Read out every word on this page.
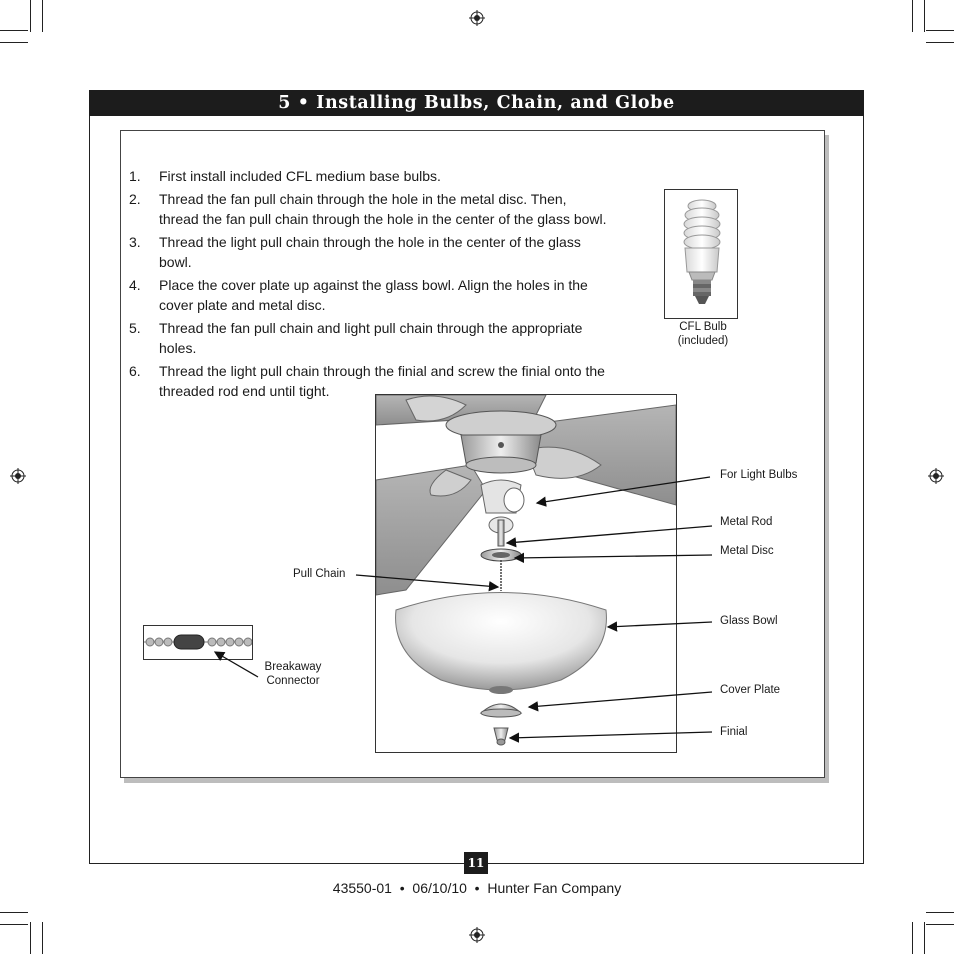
5 • Installing Bulbs, Chain, and Globe
1. First install included CFL medium base bulbs.
2. Thread the fan pull chain through the hole in the metal disc. Then, thread the fan pull chain through the hole in the center of the glass bowl.
3. Thread the light pull chain through the hole in the center of the glass bowl.
4. Place the cover plate up against the glass bowl. Align the holes in the cover plate and metal disc.
5. Thread the fan pull chain and light pull chain through the appropriate holes.
6. Thread the light pull chain through the finial and screw the finial onto the threaded rod end until tight.
CFL Bulb
(included)
Breakaway
Connector
For Light Bulbs
Metal Rod
Metal Disc
Pull Chain
Glass Bowl
Cover Plate
Finial
11
43550-01  •  06/10/10  •  Hunter Fan Company
